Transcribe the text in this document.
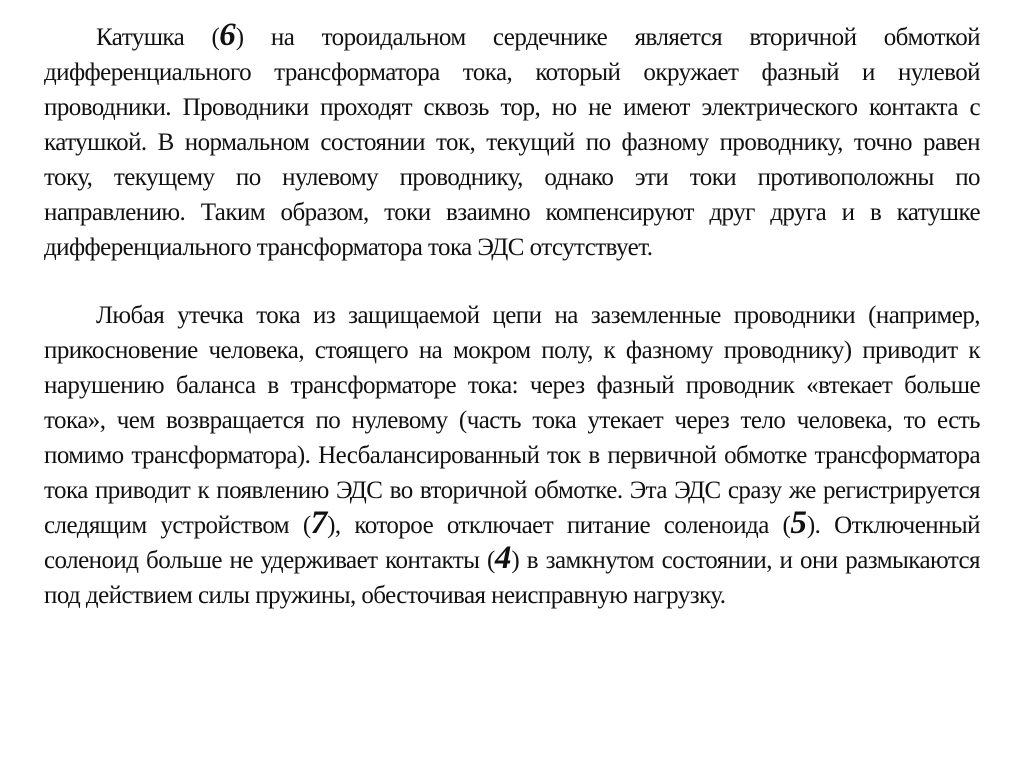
Катушка (6) на тороидальном сердечнике является вторичной обмоткой дифференциального трансформатора тока, который окружает фазный и нулевой проводники. Проводники проходят сквозь тор, но не имеют электрического контакта с катушкой. В нормальном состоянии ток, текущий по фазному проводнику, точно равен току, текущему по нулевому проводнику, однако эти токи противоположны по направлению. Таким образом, токи взаимно компенсируют друг друга и в катушке дифференциального трансформатора тока ЭДС отсутствует.

Любая утечка тока из защищаемой цепи на заземленные проводники (например, прикосновение человека, стоящего на мокром полу, к фазному проводнику) приводит к нарушению баланса в трансформаторе тока: через фазный проводник «втекает больше тока», чем возвращается по нулевому (часть тока утекает через тело человека, то есть помимо трансформатора). Несбалансированный ток в первичной обмотке трансформатора тока приводит к появлению ЭДС во вторичной обмотке. Эта ЭДС сразу же регистрируется следящим устройством (7), которое отключает питание соленоида (5). Отключенный соленоид больше не удерживает контакты (4) в замкнутом состоянии, и они размыкаются под действием силы пружины, обесточивая неисправную нагрузку.
